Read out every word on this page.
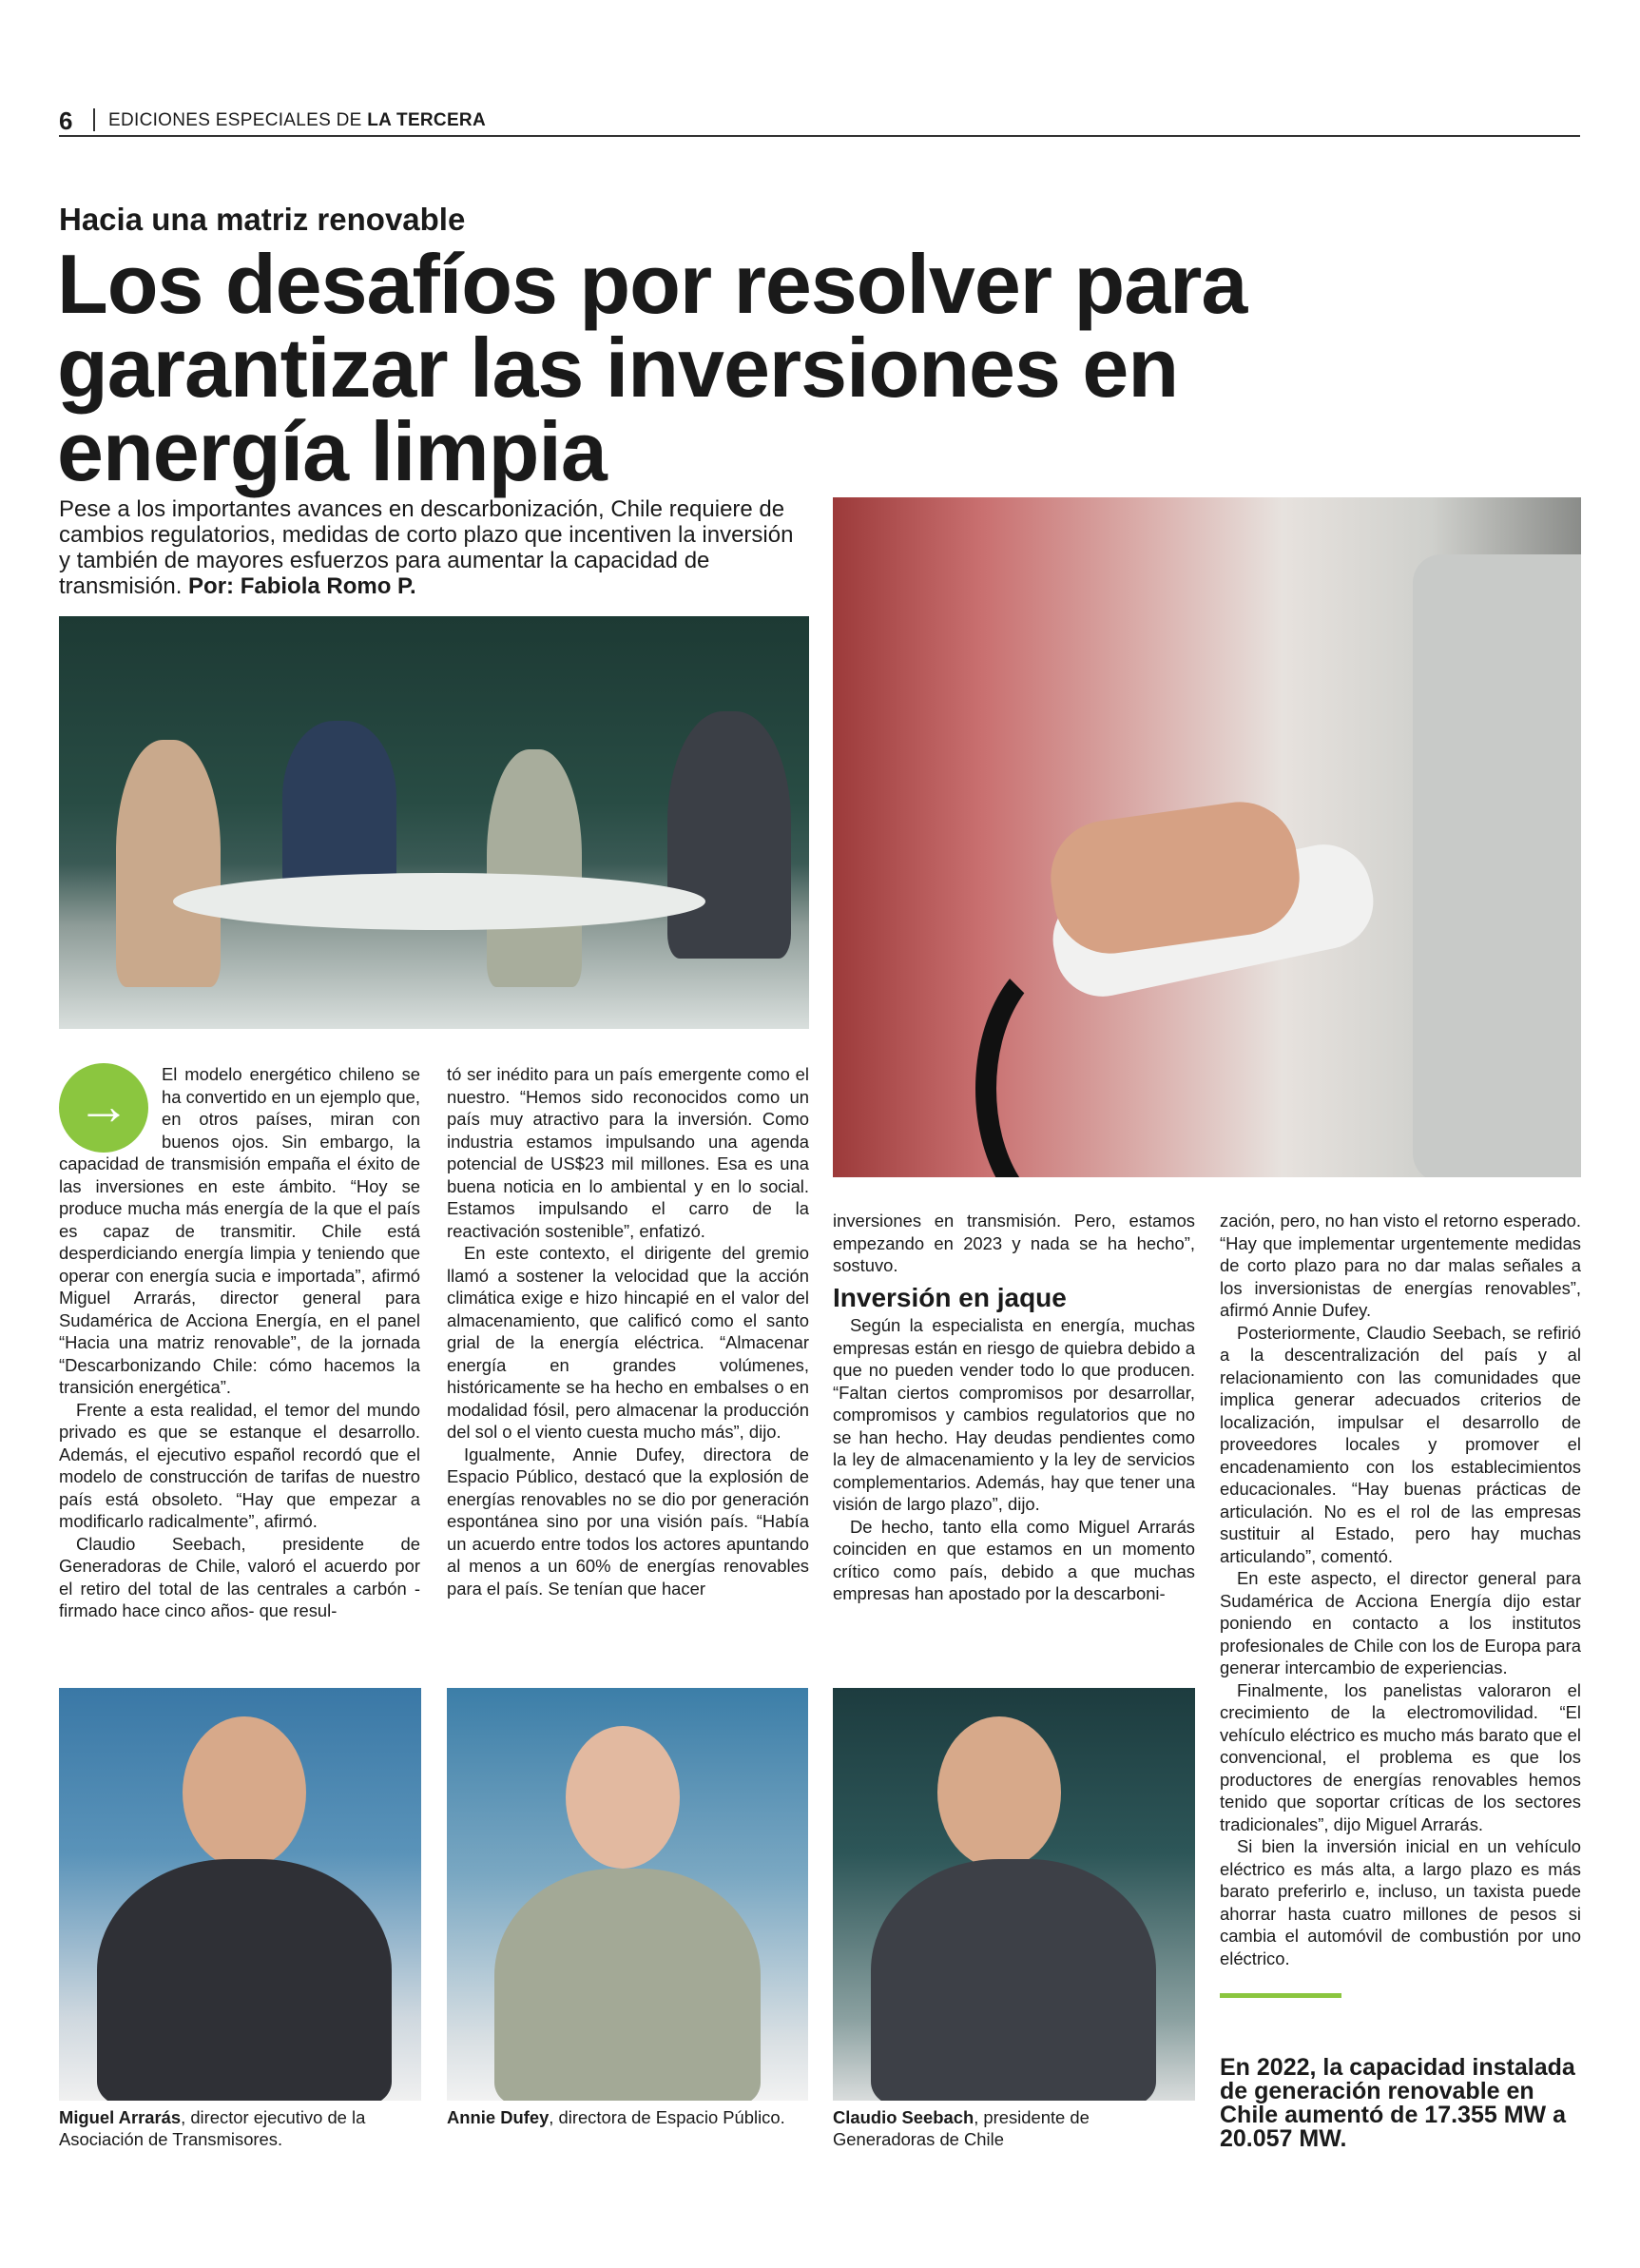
6 EDICIONES ESPECIALES DE LA TERCERA
Hacia una matriz renovable
Los desafíos por resolver para garantizar las inversiones en energía limpia
Pese a los importantes avances en descarbonización, Chile requiere de cambios regulatorios, medidas de corto plazo que incentiven la inversión y también de mayores esfuerzos para aumentar la capacidad de transmisión. Por: Fabiola Romo P.
→

El modelo energético chileno se ha convertido en un ejemplo que, en otros países, miran con buenos ojos. Sin embargo, la capacidad de transmisión empaña el éxito de las inversiones en este ámbito. “Hoy se produce mucha más energía de la que el país es capaz de transmitir. Chile está desperdiciando energía limpia y teniendo que operar con energía sucia e importada”, afirmó Miguel Arrarás, director general para Sudamérica de Acciona Energía, en el panel “Hacia una matriz renovable”, de la jornada “Descarbonizando Chile: cómo hacemos la transición energética”.

Frente a esta realidad, el temor del mundo privado es que se estanque el desarrollo. Además, el ejecutivo español recordó que el modelo de construcción de tarifas de nuestro país está obsoleto. “Hay que empezar a modificarlo radicalmente”, afirmó.

Claudio Seebach, presidente de Generadoras de Chile, valoró el acuerdo por el retiro del total de las centrales a carbón -firmado hace cinco años- que resul-

tó ser inédito para un país emergente como el nuestro. “Hemos sido reconocidos como un país muy atractivo para la inversión. Como industria estamos impulsando una agenda potencial de US$23 mil millones. Esa es una buena noticia en lo ambiental y en lo social. Estamos impulsando el carro de la reactivación sostenible”, enfatizó.

En este contexto, el dirigente del gremio llamó a sostener la velocidad que la acción climática exige e hizo hincapié en el valor del almacenamiento, que calificó como el santo grial de la energía eléctrica. “Almacenar energía en grandes volúmenes, históricamente se ha hecho en embalses o en modalidad fósil, pero almacenar la producción del sol o el viento cuesta mucho más”, dijo.

Igualmente, Annie Dufey, directora de Espacio Público, destacó que la explosión de energías renovables no se dio por generación espontánea sino por una visión país. “Había un acuerdo entre todos los actores apuntando al menos a un 60% de energías renovables para el país. Se tenían que hacer

inversiones en transmisión. Pero, estamos empezando en 2023 y nada se ha hecho”, sostuvo.

Inversión en jaque

Según la especialista en energía, muchas empresas están en riesgo de quiebra debido a que no pueden vender todo lo que producen. “Faltan ciertos compromisos por desarrollar, compromisos y cambios regulatorios que no se han hecho. Hay deudas pendientes como la ley de almacenamiento y la ley de servicios complementarios. Además, hay que tener una visión de largo plazo”, dijo.

De hecho, tanto ella como Miguel Arrarás coinciden en que estamos en un momento crítico como país, debido a que muchas empresas han apostado por la descarboni-

zación, pero, no han visto el retorno esperado. “Hay que implementar urgentemente medidas de corto plazo para no dar malas señales a los inversionistas de energías renovables”, afirmó Annie Dufey.

Posteriormente, Claudio Seebach, se refirió a la descentralización del país y al relacionamiento con las comunidades que implica generar adecuados criterios de localización, impulsar el desarrollo de proveedores locales y promover el encadenamiento con los establecimientos educacionales. “Hay buenas prácticas de articulación. No es el rol de las empresas sustituir al Estado, pero hay muchas articulando”, comentó.

En este aspecto, el director general para Sudamérica de Acciona Energía dijo estar poniendo en contacto a los institutos profesionales de Chile con los de Europa para generar intercambio de experiencias.

Finalmente, los panelistas valoraron el crecimiento de la electromovilidad. “El vehículo eléctrico es mucho más barato que el convencional, el problema es que los productores de energías renovables hemos tenido que soportar críticas de los sectores tradicionales”, dijo Miguel Arrarás.

Si bien la inversión inicial en un vehículo eléctrico es más alta, a largo plazo es más barato preferirlo e, incluso, un taxista puede ahorrar hasta cuatro millones de pesos si cambia el automóvil de combustión por uno eléctrico.

Miguel Arrarás, director ejecutivo de la Asociación de Transmisores.
Annie Dufey, directora de Espacio Público.	Claudio Seebach, presidente de Generadoras de Chile
En 2022, la capacidad instalada de generación renovable en Chile aumentó de 17.355 MW a 20.057 MW.
